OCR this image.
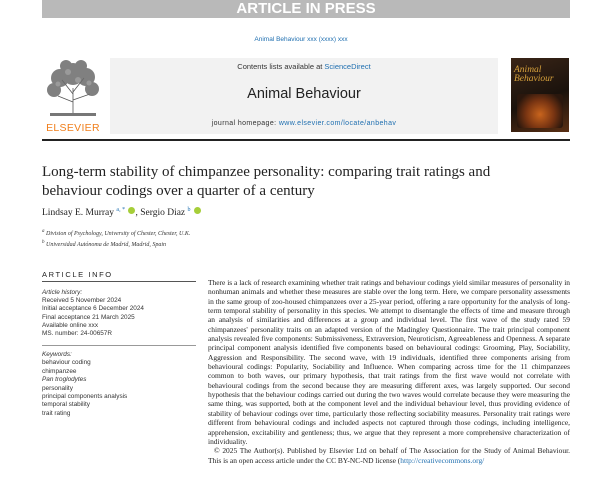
ARTICLE IN PRESS
Animal Behaviour xxx (xxxx) xxx
ELSEVIER
Contents lists available at ScienceDirect
Animal Behaviour
journal homepage: www.elsevier.com/locate/anbehav
Animal Behaviour
Long-term stability of chimpanzee personality: comparing trait ratings and behaviour codings over a quarter of a century
Lindsay E. Murray $^{a, *}$ , Sergio Diaz $^b$
$^a$ Division of Psychology, University of Chester, Chester, U.K.
$^b$ Universidad Autónoma de Madrid, Madrid, Spain
ARTICLE INFO
Article history:
Received 5 November 2024
Initial acceptance 6 December 2024
Final acceptance 21 March 2025
Available online xxx
MS. number: 24-00657R
Keywords:
behaviour coding
chimpanzee
Pan troglodytes
personality
principal components analysis
temporal stability
trait rating

There is a lack of research examining whether trait ratings and behaviour codings yield similar measures of personality in nonhuman animals and whether these measures are stable over the long term. Here, we compare personality assessments in the same group of zoo-housed chimpanzees over a 25-year period, offering a rare opportunity for the analysis of long-term temporal stability of personality in this species. We attempt to disentangle the effects of time and measure through an analysis of similarities and differences at a group and individual level. The first wave of the study rated 59 chimpanzees' personality traits on an adapted version of the Madingley Questionnaire. The trait principal component analysis revealed five components: Submissiveness, Extraversion, Neuroticism, Agreeableness and Openness. A separate principal component analysis identified five components based on behavioural codings: Grooming, Play, Sociability, Aggression and Responsibility. The second wave, with 19 individuals, identified three components arising from behavioural codings: Popularity, Sociability and Influence. When comparing across time for the 11 chimpanzees common to both waves, our primary hypothesis, that trait ratings from the first wave would not correlate with behavioural codings from the second because they are measuring different axes, was largely supported. Our second hypothesis that the behaviour codings carried out during the two waves would correlate because they were measuring the same thing, was supported, both at the component level and the individual behaviour level, thus providing evidence of stability of behaviour codings over time, particularly those reflecting sociability measures. Personality trait ratings were different from behavioural codings and included aspects not captured through those codings, including intelligence, apprehension, excitability and gentleness; thus, we argue that they represent a more comprehensive characterization of individuality.

© 2025 The Author(s). Published by Elsevier Ltd on behalf of The Association for the Study of Animal Behaviour. This is an open access article under the CC BY-NC-ND license (http://creativecommons.org/
